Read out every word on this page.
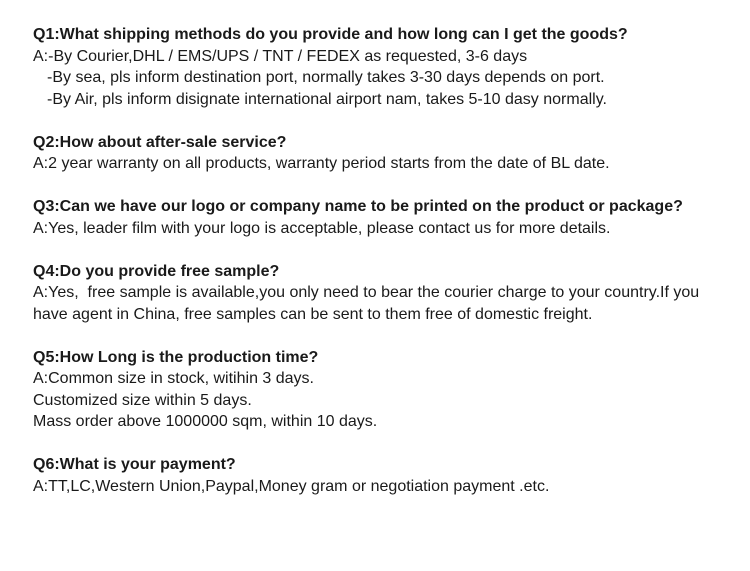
Q1:What shipping methods do you provide and how long can I get the goods?

A:-By Courier,DHL / EMS/UPS / TNT / FEDEX as requested, 3-6 days

-By sea, pls inform destination port, normally takes 3-30 days depends on port.

-By Air, pls inform disignate international airport nam, takes 5-10 dasy normally.

Q2:How about after-sale service?

A:2 year warranty on all products, warranty period starts from the date of BL date.

Q3:Can we have our logo or company name to be printed on the product or package?

A:Yes, leader film with your logo is acceptable, please contact us for more details.

Q4:Do you provide free sample?

A:Yes,  free sample is available,you only need to bear the courier charge to your country.If you have agent in China, free samples can be sent to them free of domestic freight.

Q5:How Long is the production time?

A:Common size in stock, witihin 3 days.

Customized size within 5 days.

Mass order above 1000000 sqm, within 10 days.

Q6:What is your payment?

A:TT,LC,Western Union,Paypal,Money gram or negotiation payment .etc.
